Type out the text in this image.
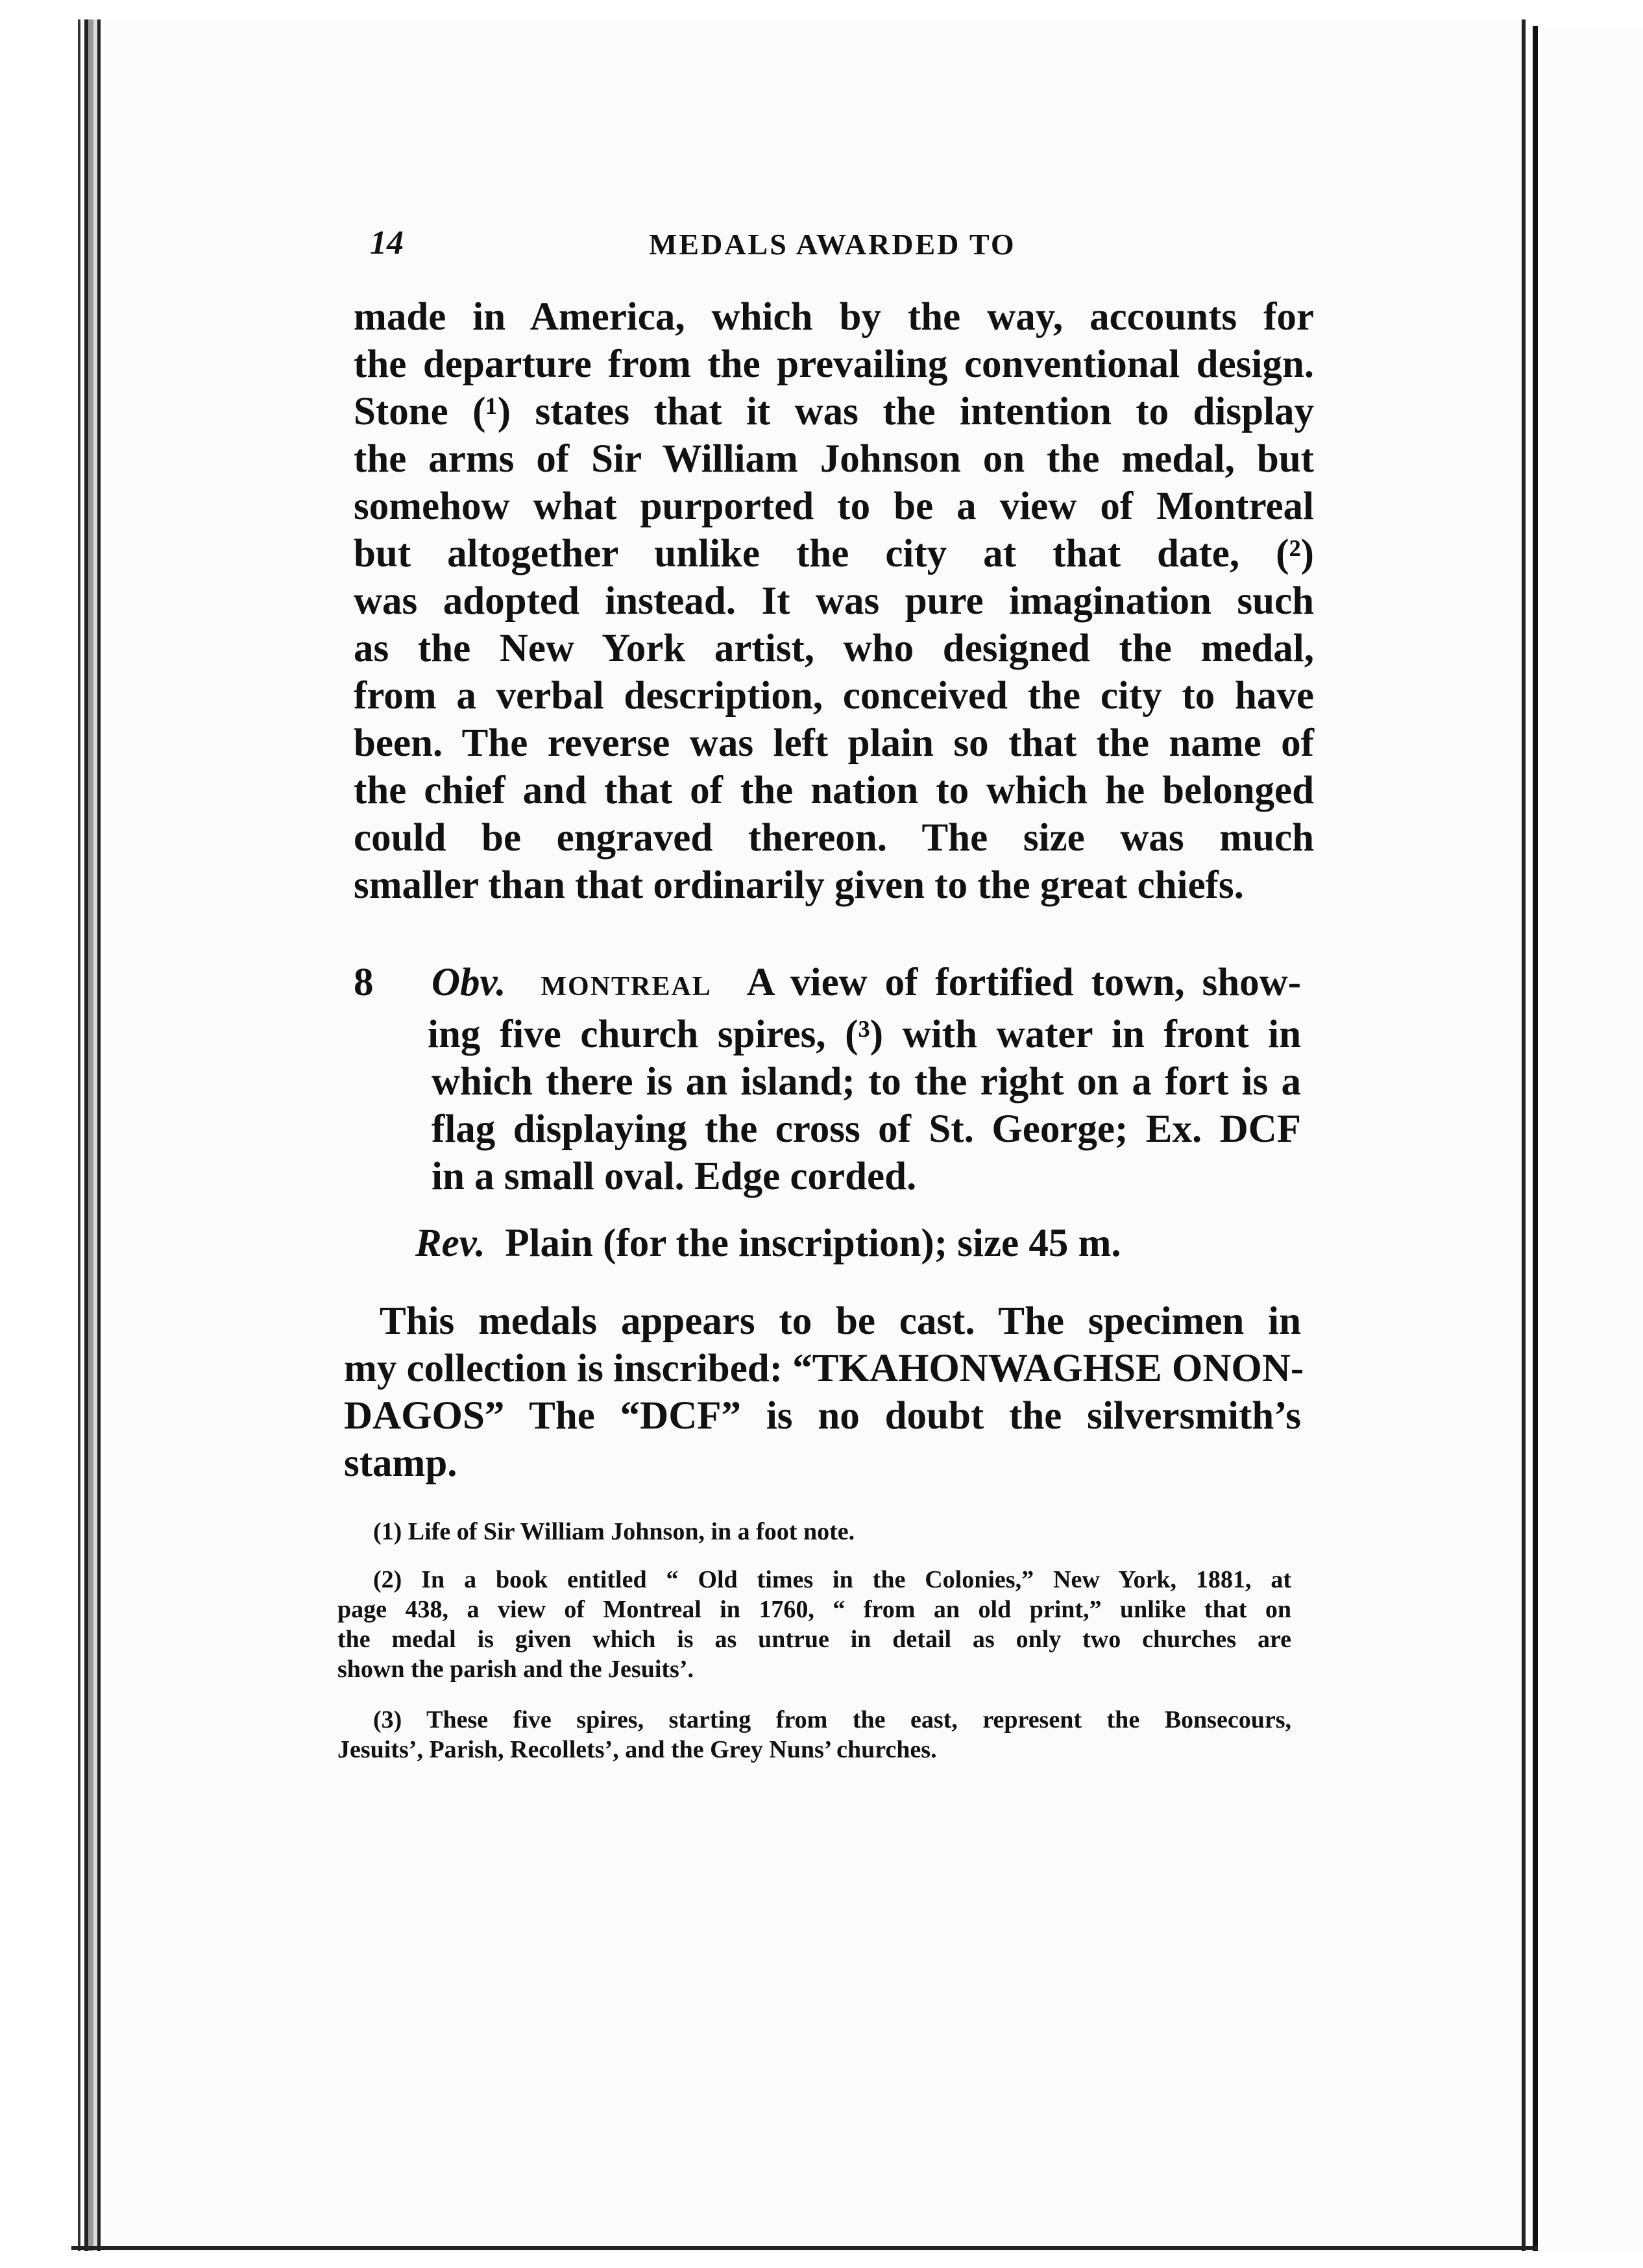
14	MEDALS AWARDED TO
made in America, which by the way, accounts for
the departure from the prevailing conventional design.
Stone (¹) states that it was the intention to display
the arms of Sir William Johnson on the medal, but
somehow what purported to be a view of Montreal
but altogether unlike the city at that date, (²)
was adopted instead. It was pure imagination such
as the New York artist, who designed the medal,
from a verbal description, conceived the city to have
been. The reverse was left plain so that the name of
the chief and that of the nation to which he belonged
could be engraved thereon. The size was much
smaller than that ordinarily given to the great chiefs.
8 Obv. MONTREAL A view of fortified town, show-
ing five church spires, (³) with water in front in
which there is an island; to the right on a fort is a
flag displaying the cross of St. George; Ex. DCF
in a small oval. Edge corded.
Rev. Plain (for the inscription); size 45 m.
This medals appears to be cast. The specimen in
my collection is inscribed: “TKAHONWAGHSE ONON-
DAGOS” The “DCF” is no doubt the silversmith’s
stamp.
(1) Life of Sir William Johnson, in a foot note.
(2) In a book entitled “ Old times in the Colonies,” New York, 1881, at
page 438, a view of Montreal in 1760, “ from an old print,” unlike that on
the medal is given which is as untrue in detail as only two churches are
shown the parish and the Jesuits’.
(3) These five spires, starting from the east, represent the Bonsecours,
Jesuits’, Parish, Recollets’, and the Grey Nuns’ churches.
